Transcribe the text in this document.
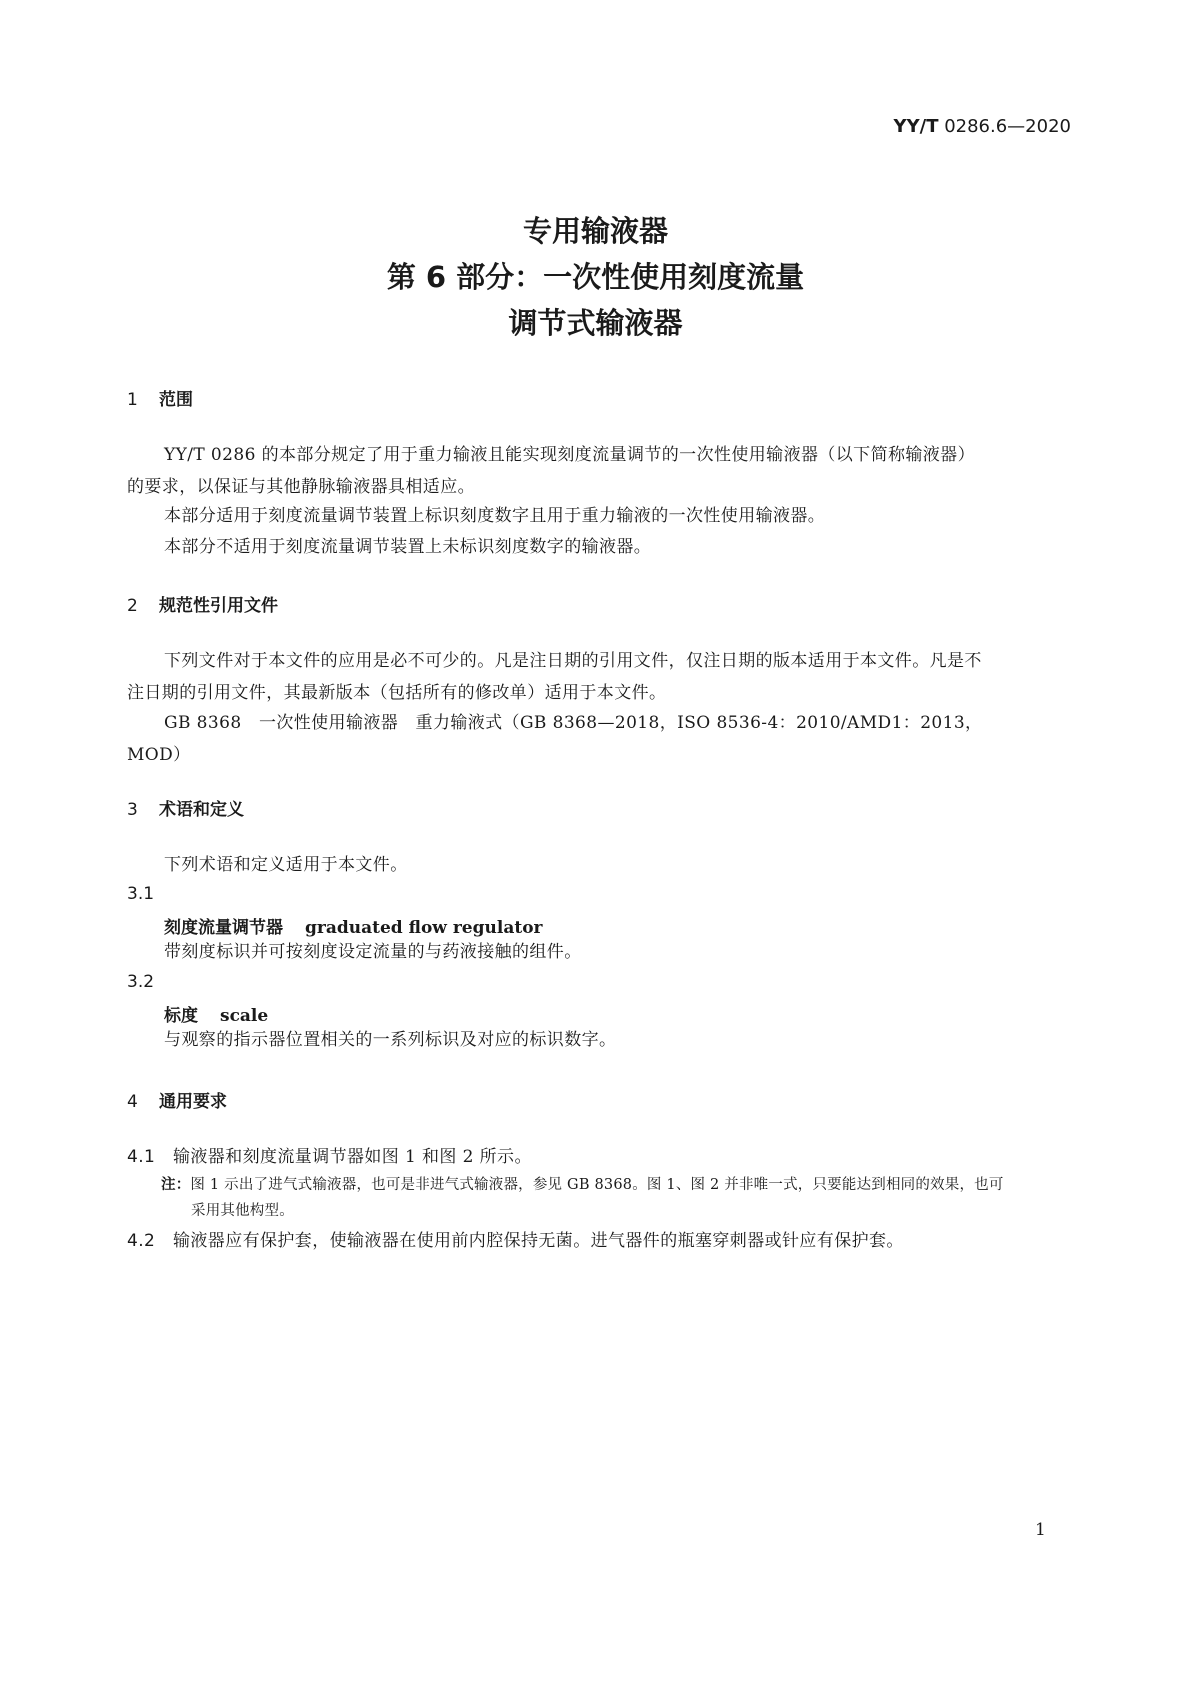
YY/T 0286.6—2020
专用输液器
第 6 部分：一次性使用刻度流量
调节式输液器
1 范围
YY/T 0286 的本部分规定了用于重力输液且能实现刻度流量调节的一次性使用输液器（以下简称输液器）的要求，以保证与其他静脉输液器具相适应。
本部分适用于刻度流量调节装置上标识刻度数字且用于重力输液的一次性使用输液器。
本部分不适用于刻度流量调节装置上未标识刻度数字的输液器。
2 规范性引用文件
下列文件对于本文件的应用是必不可少的。凡是注日期的引用文件，仅注日期的版本适用于本文件。凡是不注日期的引用文件，其最新版本（包括所有的修改单）适用于本文件。
GB 8368　一次性使用输液器　重力输液式（GB 8368—2018，ISO 8536-4：2010/AMD1：2013，MOD）
3 术语和定义
下列术语和定义适用于本文件。
3.1
刻度流量调节器 graduated flow regulator
带刻度标识并可按刻度设定流量的与药液接触的组件。
3.2
标度 scale
与观察的指示器位置相关的一系列标识及对应的标识数字。
4 通用要求
4.1 输液器和刻度流量调节器如图 1 和图 2 所示。
注：图 1 示出了进气式输液器，也可是非进气式输液器，参见 GB 8368。图 1、图 2 并非唯一式，只要能达到相同的效果，也可采用其他构型。
4.2 输液器应有保护套，使输液器在使用前内腔保持无菌。进气器件的瓶塞穿刺器或针应有保护套。
1
